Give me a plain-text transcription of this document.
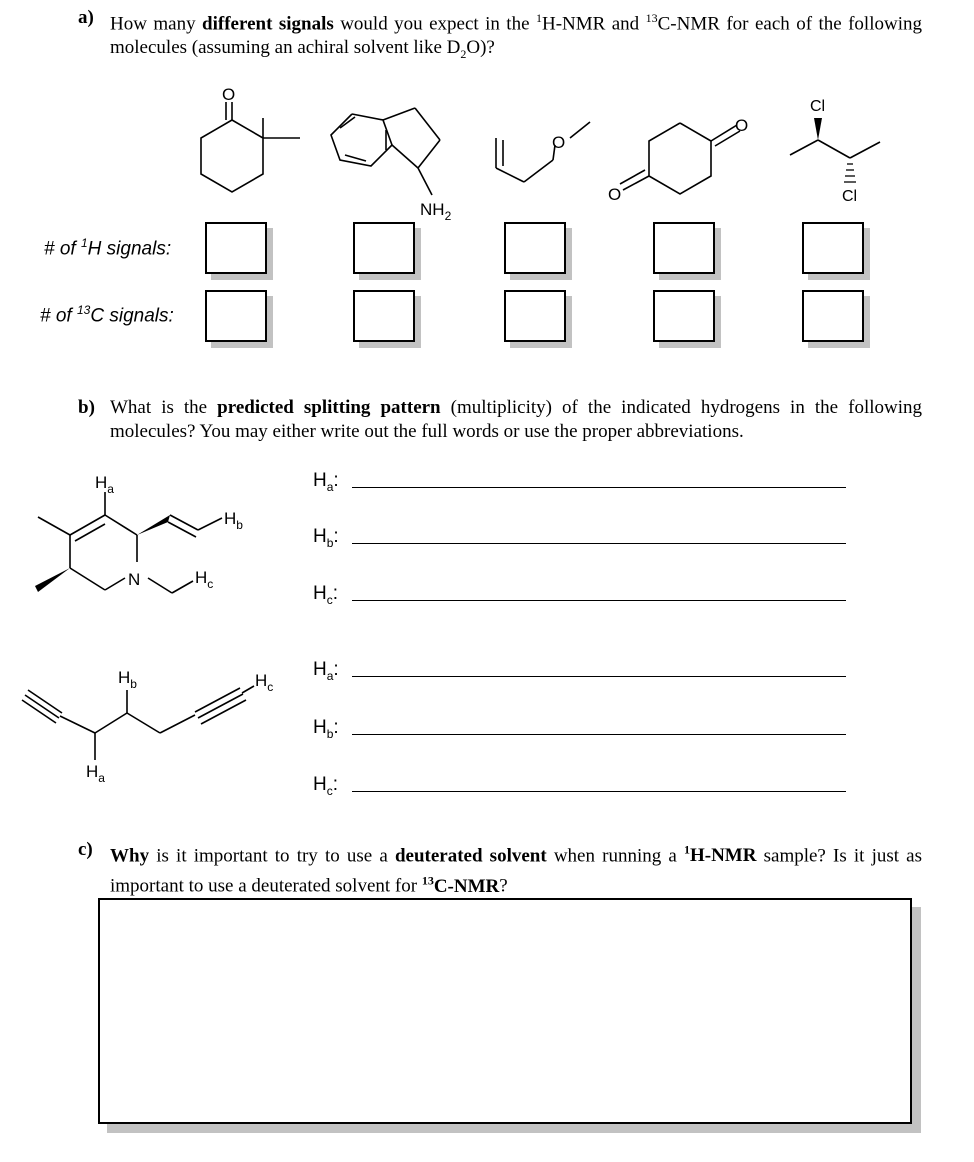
a) How many different signals would you expect in the $^1$H-NMR and $^{13}$C-NMR for each of the following molecules (assuming an achiral solvent like $D_2O$)?
O
$NH_2$
O
O
O
Cl
Cl
# of $^1$H signals:
# of $^{13}$C signals:
b) What is the predicted splitting pattern (multiplicity) of the indicated hydrogens in the following molecules? You may either write out the full words or use the proper abbreviations.
N
$H_a$
$H_b$
$H_c$
$H_b$	$H_c$
$H_a$
$H_a$:
$H_b$:
$H_c$:
$H_a$:
$H_b$:
$H_c$:
c) Why is it important to try to use a deuterated solvent when running a $^1$H-NMR sample? Is it just as important to use a deuterated solvent for $^{13}$C-NMR?
